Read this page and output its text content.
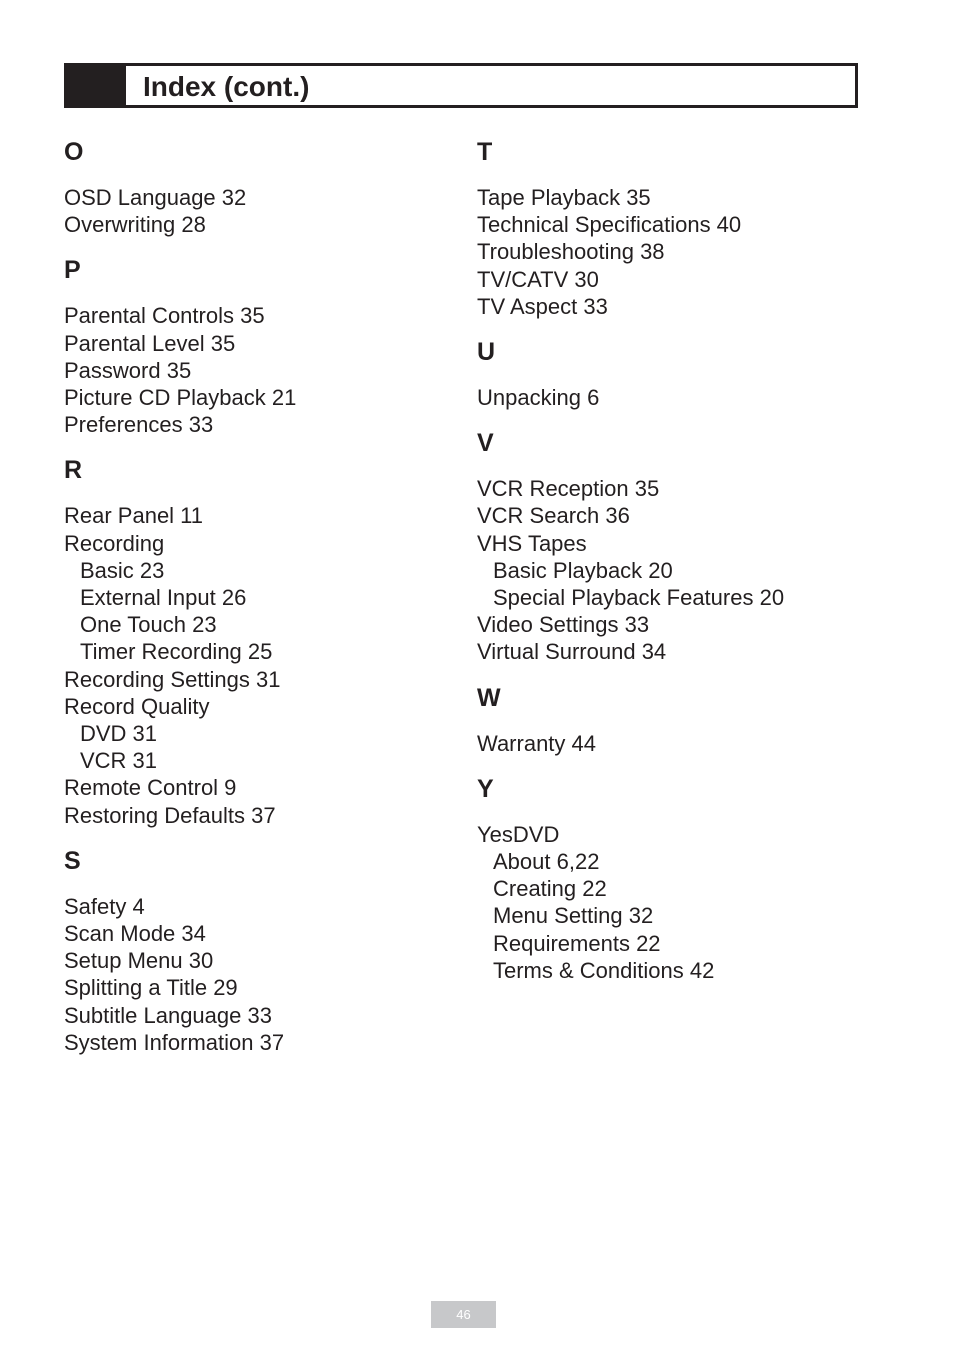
Index (cont.)
O
OSD Language 32
Overwriting 28
P
Parental Controls 35
Parental Level 35
Password 35
Picture CD Playback 21
Preferences 33
R
Rear Panel 11
Recording
Basic 23
External Input 26
One Touch 23
Timer Recording 25
Recording Settings 31
Record Quality
DVD 31
VCR 31
Remote Control 9
Restoring Defaults 37
S
Safety 4
Scan Mode 34
Setup Menu 30
Splitting a Title 29
Subtitle Language 33
System Information 37
T
Tape Playback 35
Technical Specifications 40
Troubleshooting 38
TV/CATV 30
TV Aspect 33
U
Unpacking 6
V
VCR Reception 35
VCR Search 36
VHS Tapes
Basic Playback 20
Special Playback Features 20
Video Settings 33
Virtual Surround 34
W
Warranty 44
Y
YesDVD
About 6,22
Creating 22
Menu Setting 32
Requirements 22
Terms & Conditions 42
46
